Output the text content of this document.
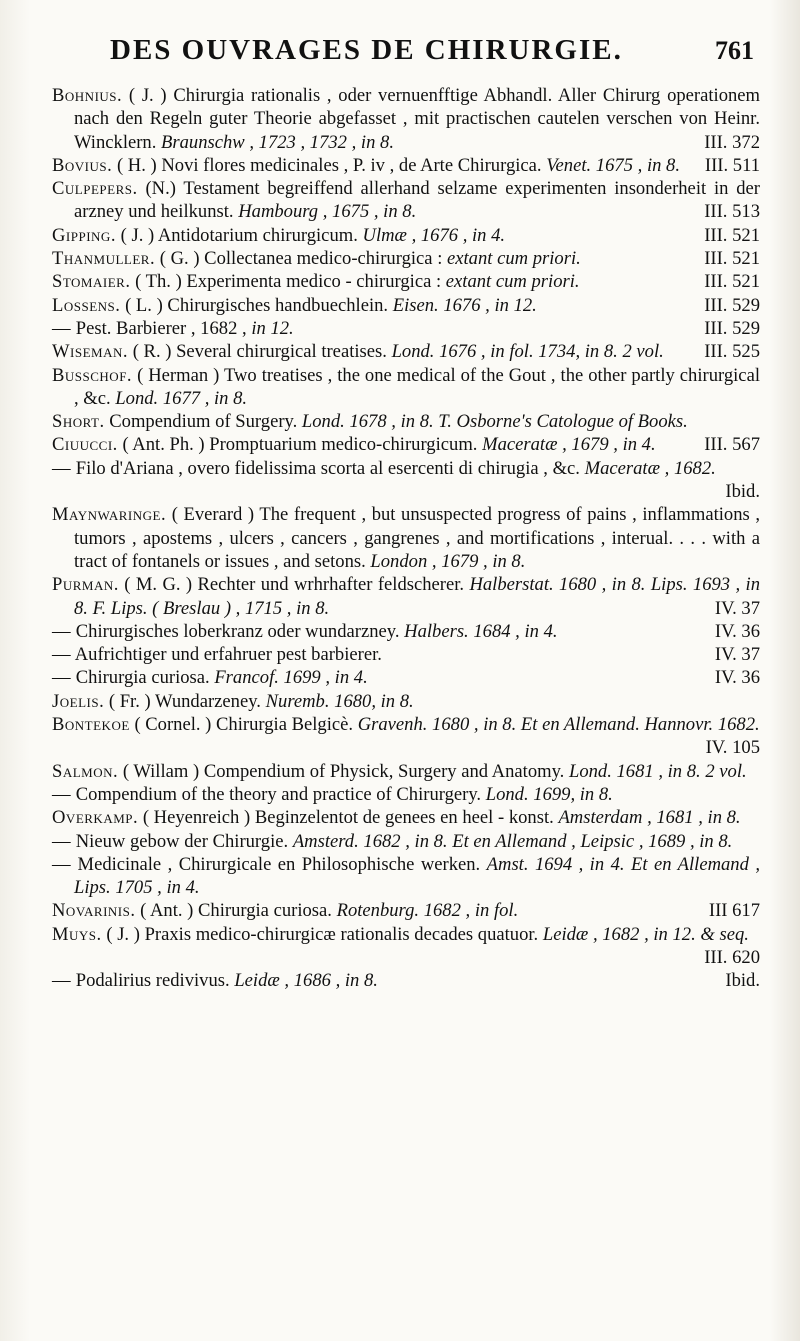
DES OUVRAGES DE CHIRURGIE.	761
Bohnius. ( J. ) Chirurgia rationalis , oder vernuenfftige Abhandl. Aller Chirurg operationem nach den Regeln guter Theorie abgefasset , mit practischen cautelen verschen von Heinr. Wincklern. Braunschw , 1723 , 1732 , in 8.	III. 372
Bovius. ( H. ) Novi flores medicinales , P. iv , de Arte Chirurgica. Venet. 1675 , in 8. III. 511
Culpepers. (N.) Testament begreiffend allerhand selzame experimenten insonderheit in der arzney und heilkunst. Hambourg , 1675 , in 8.	III. 513
Gipping. ( J. ) Antidotarium chirurgicum. Ulmæ , 1676 , in 4.	III. 521
Thanmuller. ( G. ) Collectanea medico-chirurgica : extant cum priori.	III. 521
Stomaier. ( Th. ) Experimenta medico - chirurgica : extant cum priori.	III. 521
Lossens. ( L. ) Chirurgisches handbuechlein. Eisen. 1676 , in 12.	III. 529
— Pest. Barbierer , 1682 , in 12.	III. 529
Wiseman. ( R. ) Several chirurgical treatises. Lond. 1676 , in fol. 1734, in 8. 2 vol. III. 525
Busschof. ( Herman ) Two treatises , the one medical of the Gout , the other partly chirurgical , &c. Lond. 1677 , in 8.
Short. Compendium of Surgery. Lond. 1678 , in 8. T. Osborne's Catologue of Books.
Ciuucci. ( Ant. Ph. ) Promptuarium medico-chirurgicum. Maceratæ , 1679 , in 4.	III. 567
— Filo d'Ariana , overo fidelissima scorta al esercenti di chirugia , &c. Maceratæ , 1682.
Ibid.
Maynwaringe. ( Everard ) The frequent , but unsuspected progress of pains , inflammations , tumors , apostems , ulcers , cancers , gangrenes , and mortifications , interual. . . . with a tract of fontanels or issues , and setons. London , 1679 , in 8.
Purman. ( M. G. ) Rechter und wrhrhafter feldscherer. Halberstat. 1680 , in 8. Lips. 1693 , in 8. F. Lips. ( Breslau ) , 1715 , in 8.	IV. 37
— Chirurgisches loberkranz oder wundarzney. Halbers. 1684 , in 4.	IV. 36
— Aufrichtiger und erfahruer pest barbierer.	IV. 37
— Chirurgia curiosa. Francof. 1699 , in 4.	IV. 36
Joelis. ( Fr. ) Wundarzeney. Nuremb. 1680, in 8.
Bontekoe ( Cornel. ) Chirurgia Belgicè. Gravenh. 1680 , in 8. Et en Allemand. Hannovr. 1682.
IV. 105
Salmon. ( Willam ) Compendium of Physick, Surgery and Anatomy. Lond. 1681 , in 8. 2 vol.
— Compendium of the theory and practice of Chirurgery. Lond. 1699, in 8.
Overkamp. ( Heyenreich ) Beginzelentot de genees en heel - konst. Amsterdam , 1681 , in 8.
— Nieuw gebow der Chirurgie. Amsterd. 1682 , in 8. Et en Allemand , Leipsic , 1689 , in 8.
— Medicinale , Chirurgicale en Philosophische werken. Amst. 1694 , in 4. Et en Allemand , Lips. 1705 , in 4.
Novarinis. ( Ant. ) Chirurgia curiosa. Rotenburg. 1682 , in fol.	III 617
Muys. ( J. ) Praxis medico-chirurgicæ rationalis decades quatuor. Leidæ , 1682 , in 12. & seq.
III. 620
— Podalirius redivivus. Leidæ , 1686 , in 8.	Ibid.
